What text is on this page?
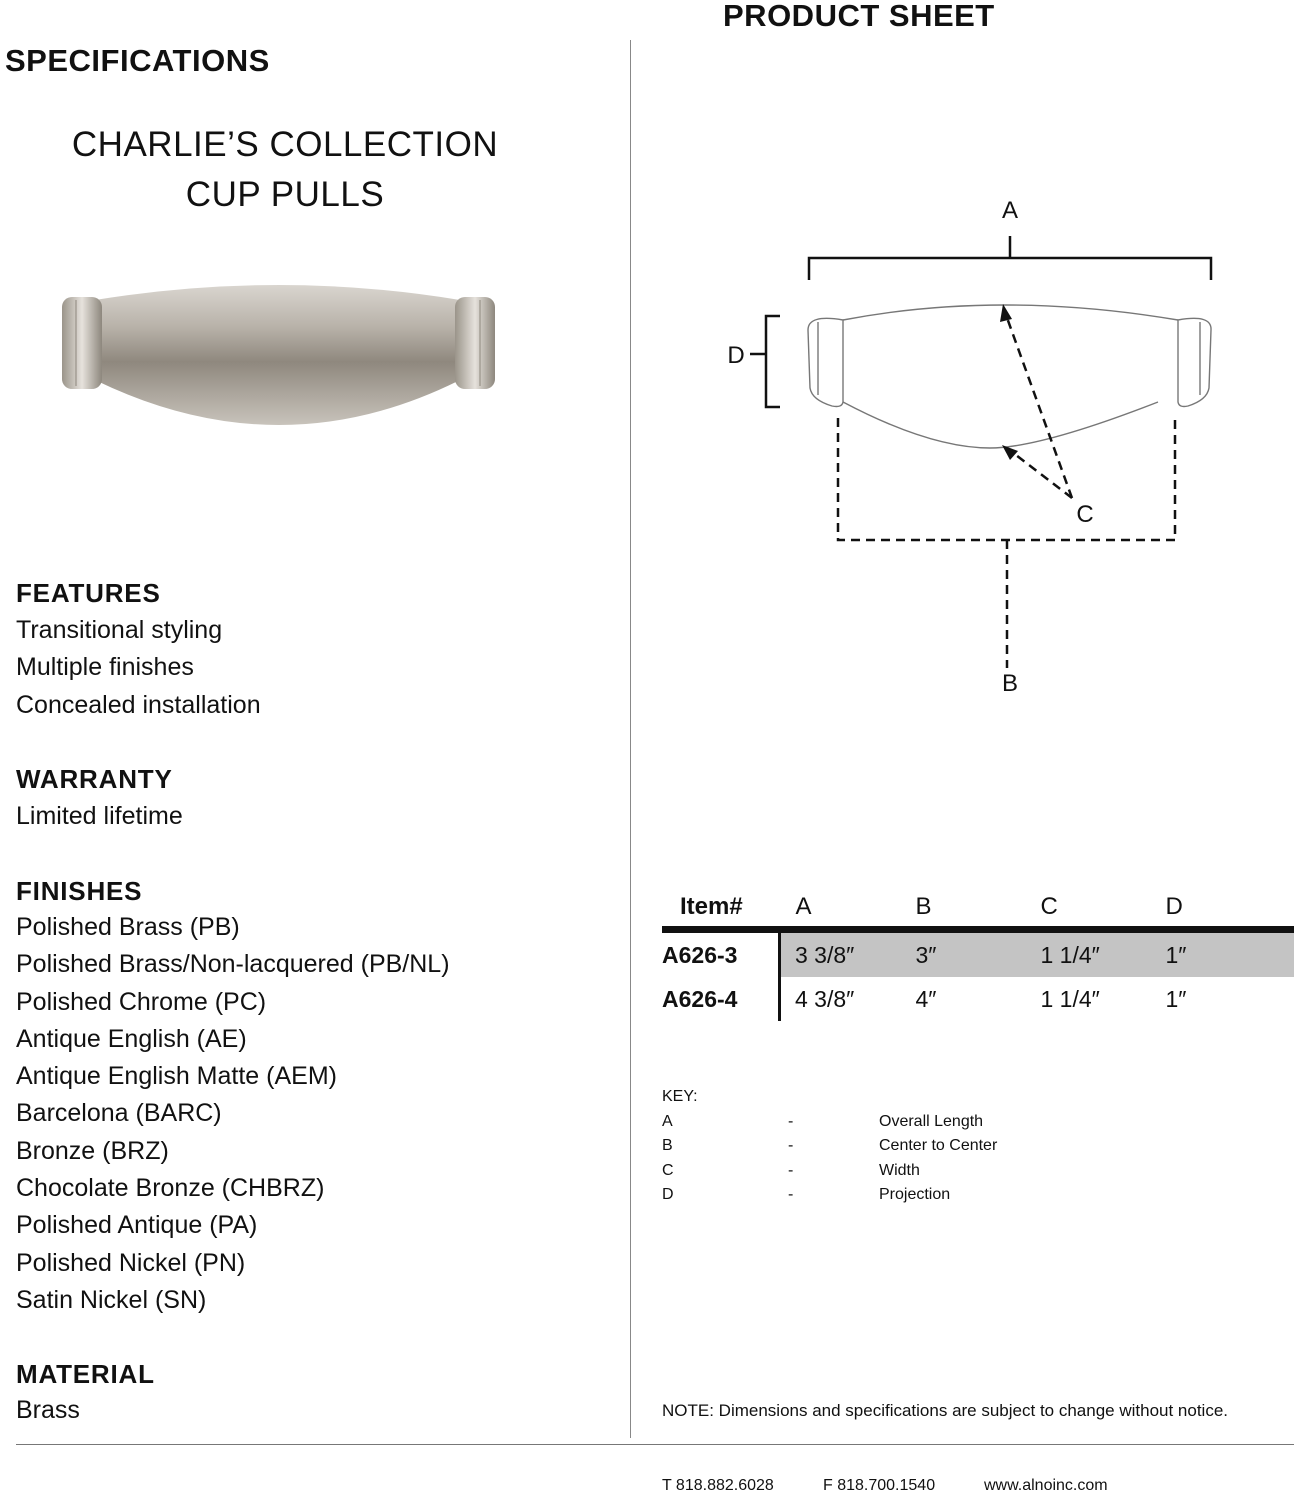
PRODUCT SHEET
SPECIFICATIONS
CHARLIE’S COLLECTION
CUP PULLS
FEATURES
Transitional styling
Multiple finishes
Concealed installation
WARRANTY
Limited lifetime
FINISHES
Polished Brass (PB)
Polished Brass/Non-lacquered (PB/NL)
Polished Chrome (PC)
Antique English (AE)
Antique English Matte (AEM)
Barcelona (BARC)
Bronze (BRZ)
Chocolate Bronze (CHBRZ)
Polished Antique (PA)
Polished Nickel (PN)
Satin Nickel (SN)
MATERIAL
Brass
A
B
C
D
Item#	A	B	C	D
A626-3	3 3/8″	3″	1 1/4″	1″
A626-4	4 3/8″	4″	1 1/4″	1″
KEY:
A	-	Overall Length
B	-	Center to Center
C	-	Width
D	-	Projection
NOTE: Dimensions and specifications are subject to change without notice.
T 818.882.6028	F 818.700.1540	www.alnoinc.com
